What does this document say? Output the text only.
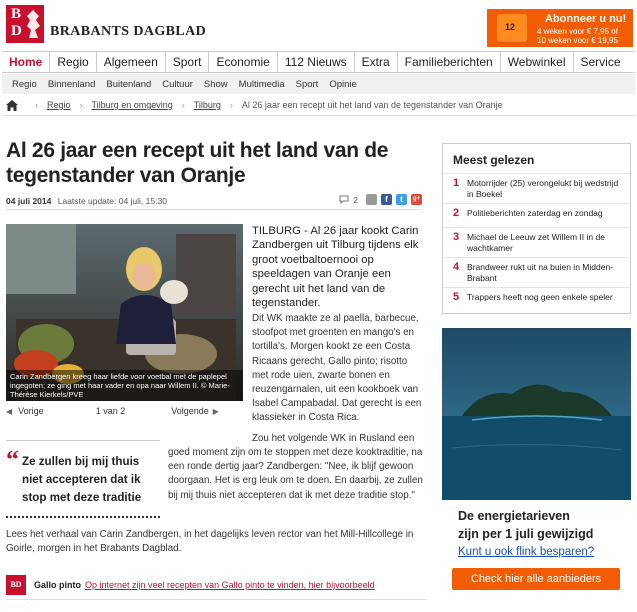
B
D BRABANTS DAGBLAD	12
Abonneer u nu!
4 weken voor € 7,95 of
10 weken voor € 19,95
Home	Regio	Algemeen	Sport	Economie	112 Nieuws	Extra	Familieberichten	Webwinkel	Service
Regio Binnenland Buitenland Cultuur Show Multimedia Sport Opinie
› Regio › Tilburg en omgeving › Tilburg › Al 26 jaar een recept uit het land van de tegenstander van Oranje
Al 26 jaar een recept uit het land van de tegenstander van Oranje
04 juli 2014 Laatste update: 04 juli, 15:30	2	f	t	g+
Carin Zandbergen kreeg haar liefde voor voetbal met de paplepel ingegoten; ze ging met haar vader en opa naar Willem II. © Marie-Thérèse Kierkels/PVE
◀ Vorige	1 van 2	Volgende ▶

TILBURG - Al 26 jaar kookt Carin Zandbergen uit Tilburg tijdens elk groot voetbaltoernooi op speeldagen van Oranje een gerecht uit het land van de tegenstander.

Dit WK maakte ze al paella, barbecue, stoofpot met groenten en mango's en tortilla's. Morgen kookt ze een Costa Ricaans gerecht, Gallo pinto; risotto met rode uien, zwarte bonen en reuzengarnalen, uit een kookboek van Isabel Campabadal. Dat gerecht is een klassieker in Costa Rica.

Zou het volgende WK in Rusland een

goed moment zijn om te stoppen met deze kooktraditie, na een ronde dertig jaar? Zandbergen: "Nee, ik blijf gewoon doorgaan. Het is erg leuk om te doen. En daarbij, ze zullen bij mij thuis niet accepteren dat ik met deze traditie stop."

“ Ze zullen bij mij thuis niet accepteren dat ik stop met deze traditie

Lees het verhaal van Carin Zandbergen, in het dagelijks leven rector van het Mill-Hillcollege in Goirle, morgen in het Brabants Dagblad.

BD	Gallo pinto Op internet zijn veel recepten van Gallo pinto te vinden, hier bijvoorbeeld
Meest gelezen
1 Motorrijder (25) verongelukt bij wedstrijd in Boekel
2 Politieberichten zaterdag en zondag
3 Michael de Leeuw zet Willem II in de wachtkamer
4 Brandweer rukt uit na buien in Midden-Brabant
5 Trappers heeft nog geen enkele speler
De energietarieven
zijn per 1 juli gewijzigd
Kunt u ook flink besparen?
Check hier alle aanbieders
